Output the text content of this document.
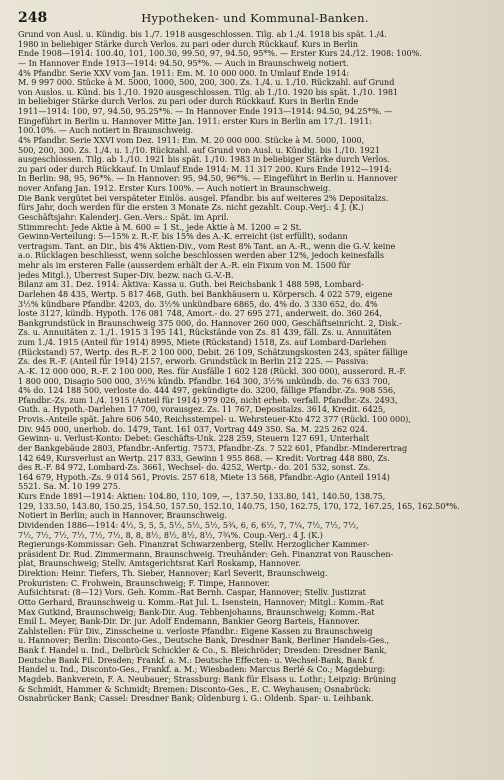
248	Hypotheken- und Kommunal-Banken.
Grund von Ausl. u. Kündig. bis 1./7. 1918 ausgeschlossen. Tilg. ab 1./4. 1918 bis spät. 1./4.
1980 in beliebiger Stärke durch Verlos. zu pari oder durch Rückkauf. Kurs in Berlin
Ende 1908—1914: 100.40, 101, 100.30, 99.50, 97, 94.50, 95*%. — Erster Kurs 24./12. 1908: 100%.
— In Hannover Ende 1913—1914: 94.50, 95*%. — Auch in Braunschweig notiert.
4% Pfandbr. Serie XXV vom Jan. 1911: Em. M. 10 000 000. In Umlauf Ende 1914:
M. 9 997 000. Stücke à M. 5000, 1000, 500, 200, 300. Zs. 1./4. u. 1./10. Rückzahl. auf Grund
von Auslos. u. Künd. bis 1./10. 1920 ausgeschlossen. Tilg. ab 1./10. 1920 bis spät. 1./10. 1981
in beliebiger Stärke durch Verlos. zu pari oder durch Rückkauf. Kurs in Berlin Ende
1911—1914: 100, 97, 94.50, 95.25*%. — In Hannover Ende 1913—1914: 94.50, 94.25*%. —
Eingeführt in Berlin u. Hannover Mitte Jan. 1911: erster Kurs in Berlin am 17./1. 1911:
100.10%. — Auch notiert in Braunschweig.
4% Pfandbr. Serie XXVI vom Dez. 1911: Em. M. 20 000 000. Stücke à M. 5000, 1000,
500, 200, 300. Zs. 1./4. u. 1./10. Rückzahl. auf Grund von Ausl. u. Kündig. bis 1./10. 1921
ausgeschlossen. Tilg. ab 1./10. 1921 bis spät. 1./10. 1983 in beliebiger Stärke durch Verlos.
zu pari oder durch Rückkauf. In Umlauf Ende 1914: M. 11 317 200. Kurs Ende 1912—1914:
In Berlin: 98, 95, 96*%. — In Hannover: 95, 94.50, 96*%. — Eingeführt in Berlin u. Hannover
nover Anfang Jan. 1912. Erster Kurs 100%. — Auch notiert in Braunschweig.
Die Bank vergütet bei verspäteter Einlös. ausgel. Pfandbr. bis auf weiteres 2% Depositalzs.
fürs Jahr, doch werden für die ersten 3 Monate Zs. nicht gezahlt. Coup.-Verj.: 4 J. (K.)
Geschäftsjahr: Kalenderj. Gen.-Vers.: Spät. im April.
Stimmrecht: Jede Aktie à M. 600 = 1 St., jede Aktie à M. 1200 = 2 St.
Gewinn-Verteilung: 5—15% z. R.-F. bis 15% des A.-K. erreicht (ist erfüllt), sodann
vertragsm. Tant. an Dir., bis 4% Aktien-Div., vom Rest 8% Tant. an A.-R., wenn die G.-V. keine
a.o. Rücklagen beschliesst, wenn solche beschlossen werden aber 12%, jedoch keinesfalls
mehr als im ersteren Falle (ausserdem erhält der A.-R. ein Fixum von M. 1500 für
jedes Mitgl.), Überrest Super-Div. bezw. nach G.-V.-B.
Bilanz am 31. Dez. 1914: Aktiva: Kassa u. Guth. bei Reichsbank 1 488 598, Lombard-
Darlehen 48 435, Wertp. 5 817 468, Guth. bei Bankhäusern u. Körpersch. 4 022 579, eigene
3½% kündbare Pfandbr. 4203, do. 3½% unkündbare 6865, do. 4% do. 3 330 652, do. 4%
loste 3127, kündb. Hypoth. 176 081 748, Amort.- do. 27 695 271, anderweit. do. 360 264,
Bankgrundstück in Braunschweig 375 000, do. Hannover 260 000, Geschäftseinricht. 2, Disk.-
Zs. u. Annuitäten z. 1./1. 1915 3 195 141, Rückstände von Zs. 81 439, fäll. Zs. u. Annuitäten
zum 1./4. 1915 (Anteil für 1914) 8995, Miete (Rückstand) 1518, Zs. auf Lombard-Darlehen
(Rückstand) 57, Wertp. des R.-F. 2 100 000, Debit. 26 109, Schätzungskosten 243, später fällige
Zs. des R.-F. (Anteil für 1914) 2157, erworb. Grundstück in Berlin 212 225. — Passiva:
A.-K. 12 000 000, R.-F. 2 100 000, Res. für Ausfälle 1 602 128 (Rückl. 300 000), ausserord. R.-F.
1 800 000, Disagio 500 000, 3½% kündb. Pfandbr. 164 300, 3½% unkündb. do. 76 633 700,
4% do. 124 188 500, verloste do. 444 497, gekündigte do. 3200, fällige Pfandbr.-Zs. 908 556,
Pfandbr.-Zs. zum 1./4. 1915 (Anteil für 1914) 979 026, nicht erheb. verfall. Pfandbr.-Zs. 2493,
Guth. a. Hypoth.-Darlehen 17 700, vorausgez. Zs. 11 767, Depositalzs. 3614, Kredit. 6425,
Provis.-Anteile spät. Jahre 606 540, Reichsstempel- u. Wehrsteuer-Kto 472 377 (Rückl. 100 000),
Div. 945 000, unerhob. do. 1479, Tant. 161 037, Vortrag 449 350. Sa. M. 225 262 024.
Gewinn- u. Verlust-Konto: Debet: Geschäfts-Unk. 228 259, Steuern 127 691, Unterhalt
der Bankgebäude 2803, Pfandbr.-Anfertig. 7573, Pfandbr.-Zs. 7 522 601, Pfandbr.-Minderertrag
142 649, Kursverlust an Wertp. 217 833, Gewinn 1 955 868. — Kredit: Vortrag 448 880, Zs.
des R.-F. 84 972, Lombard-Zs. 3661, Wechsel- do. 4252, Wertp.- do. 201 532, sonst. Zs.
164 679, Hypoth.-Zs. 9 014 561, Provis. 257 618, Miete 13 568, Pfandbr.-Agio (Anteil 1914)
5521. Sa. M. 10 199 275.
Kurs Ende 1891—1914: Aktien: 104.80, 110, 109, —, 137.50, 133.80, 141, 140.50, 138.75,
129, 133.50, 143.80, 150.25, 154.50, 157.50, 152.10, 140.75, 150, 162.75, 170, 172, 167.25, 165, 162.50*%.
Notiert in Berlin; auch in Hannover, Braunschweig.
Dividenden 1886—1914: 4½, 5, 5, 5, 5½, 5½, 5½, 5¾, 6, 6, 6½, 7, 7¼, 7½, 7½, 7½,
7½, 7½, 7½, 7½, 7½, 7½, 8, 8, 8½, 8½, 8½, 8½, 7¾%. Coup.-Verj.: 4 J. (K.)
Regierungs-Kommissar: Geh. Finanzrat Schwarzenberg, Stellv. Herzoglicher Kammer-
präsident Dr. Rud. Zimmermann, Braunschweig. Treuhänder: Geh. Finanzrat von Rauschen-
plat, Braunschweig; Stellv. Amtsgerichtsrat Karl Roskamp, Hannover.
Direktion: Heinr. Tiefers, Th. Sieber, Hannover; Karl Severit, Braunschweig.
Prokuristen: C. Frohwein, Braunschweig; F. Timpe, Hannover.
Aufsichtsrat: (8—12) Vors. Geh. Komm.-Rat Bernh. Caspar, Hannover; Stellv. Justizrat
Otto Gerhard, Braunschweig u. Komm.-Rat Jul. L. Isenstein, Hannover; Mitgl.: Komm.-Rat
Max Gutkind, Braunschweig; Bank-Dir. Aug. Tebbenjohanns, Braunschweig; Komm.-Rat
Emil L. Meyer, Bank-Dir. Dr. jur. Adolf Endemann, Bankier Georg Barteis, Hannover.
Zahlstellen: Für Div., Zinsscheine u. verloste Pfandbr.: Eigene Kassen zu Braunschweig
u. Hannover; Berlin: Disconto-Ges., Deutsche Bank, Dresdner Bank, Berliner Handels-Ges.,
Bank f. Handel u. Ind., Delbrück Schickler & Co., S. Bleichröder; Dresden: Dresdner Bank,
Deutsche Bank Fil. Dresden; Frankf. a. M.: Deutsche Effecten- u. Wechsel-Bank, Bank f.
Handel u. Ind., Disconto-Ges., Frankf. a. M.; Wiesbaden: Marcus Berlé & Co.; Magdeburg:
Magdeb. Bankverein, F. A. Neubauer; Strassburg: Bank für Elsass u. Lothr.; Leipzig: Brüning
& Schmidt, Hammer & Schmidt; Bremen: Disconto-Ges., E. C. Weyhausen; Osnabrück:
Osnabrücker Bank; Cassel: Dresdner Bank; Oldenburg i. G.: Oldenb. Spar- u. Leihbank.
